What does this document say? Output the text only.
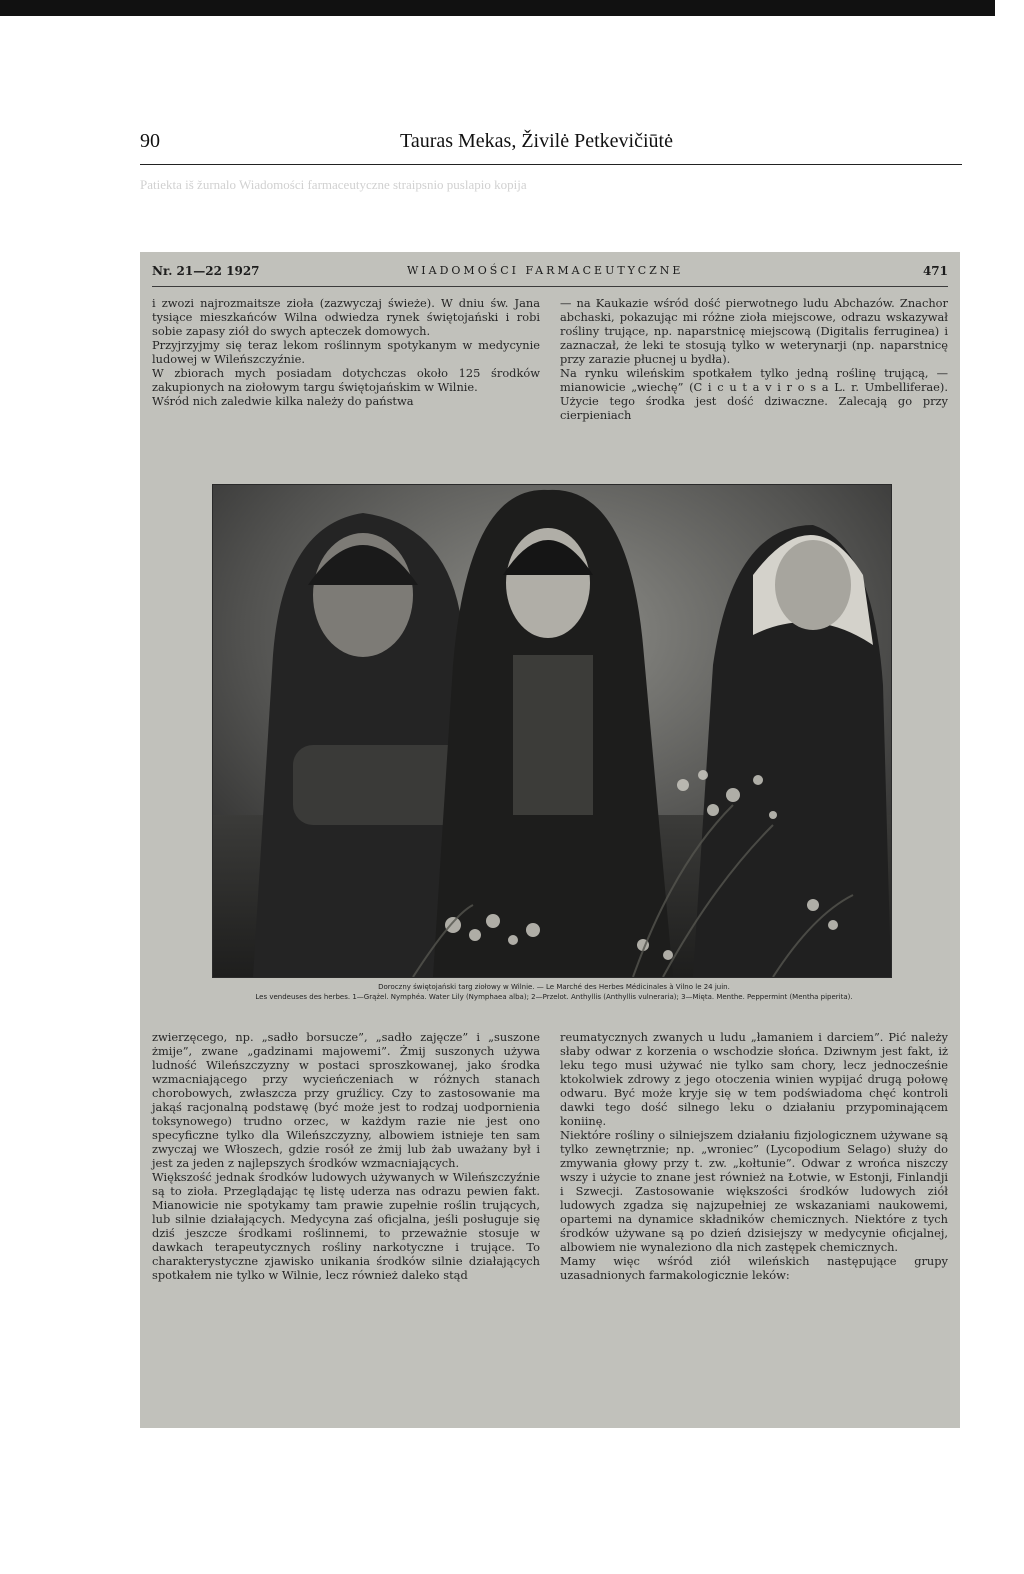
90	Tauras Mekas, Živilė Petkevičiūtė
Patiekta iš žurnalo Wiadomości farmaceutyczne straipsnio puslapio kopija
Nr. 21—22 1927	WIADOMOŚCI FARMACEUTYCZNE	471
i zwozi najrozmaitsze zioła (zazwyczaj świeże). W dniu św. Jana tysiące mieszkańców Wilna odwiedza rynek świętojański i robi sobie zapasy ziół do swych apteczek domowych.
Przyjrzyjmy się teraz lekom roślinnym spotykanym w medycynie ludowej w Wileńszczyźnie.
W zbiorach mych posiadam dotychczas około 125 środków zakupionych na ziołowym targu świętojańskim w Wilnie.
Wśród nich zaledwie kilka należy do państwa
— na Kaukazie wśród dość pierwotnego ludu Abchazów. Znachor abchaski, pokazując mi różne zioła miejscowe, odrazu wskazywał rośliny trujące, np. naparstnicę miejscową (Digitalis ferruginea) i zaznaczał, że leki te stosują tylko w weterynarji (np. naparstnicę przy zarazie płucnej u bydła).
Na rynku wileńskim spotkałem tylko jedną roślinę trującą, — mianowicie „wiechę” (C i c u t a v i r o s a L. r. Umbelliferae). Użycie tego środka jest dość dziwaczne. Zalecają go przy cierpieniach
Doroczny świętojański targ ziołowy w Wilnie. — Le Marché des Herbes Médicinales à Vilno le 24 juin.
Les vendeuses des herbes. 1—Grążel. Nymphéa. Water Lily (Nymphaea alba); 2—Przelot. Anthyllis (Anthyllis vulneraria); 3—Mięta. Menthe. Peppermint (Mentha piperita).
zwierzęcego, np. „sadło borsucze”, „sadło zajęcze” i „suszone żmije”, zwane „gadzinami majowemi”. Żmij suszonych używa ludność Wileńszczyzny w postaci sproszkowanej, jako środka wzmacniającego przy wycieńczeniach w różnych stanach chorobowych, zwłaszcza przy gruźlicy. Czy to zastosowanie ma jakąś racjonalną podstawę (być może jest to rodzaj uodpornienia toksynowego) trudno orzec, w każdym razie nie jest ono specyficzne tylko dla Wileńszczyzny, albowiem istnieje ten sam zwyczaj we Włoszech, gdzie rosół ze żmij lub żab uważany był i jest za jeden z najlepszych środków wzmacniających.
Większość jednak środków ludowych używanych w Wileńszczyźnie są to zioła. Przeglądając tę listę uderza nas odrazu pewien fakt. Mianowicie nie spotykamy tam prawie zupełnie roślin trujących, lub silnie działających. Medycyna zaś oficjalna, jeśli posługuje się dziś jeszcze środkami roślinnemi, to przeważnie stosuje w dawkach terapeutycznych rośliny narkotyczne i trujące. To charakterystyczne zjawisko unikania środków silnie działających spotkałem nie tylko w Wilnie, lecz również daleko stąd
reumatycznych zwanych u ludu „łamaniem i darciem”. Pić należy słaby odwar z korzenia o wschodzie słońca. Dziwnym jest fakt, iż leku tego musi używać nie tylko sam chory, lecz jednocześnie ktokolwiek zdrowy z jego otoczenia winien wypijać drugą połowę odwaru. Być może kryje się w tem podświadoma chęć kontroli dawki tego dość silnego leku o działaniu przypominającem koniinę.
Niektóre rośliny o silniejszem działaniu fizjologicznem używane są tylko zewnętrznie; np. „wroniec” (Lycopodium Selago) służy do zmywania głowy przy t. zw. „kołtunie”. Odwar z wrońca niszczy wszy i użycie to znane jest również na Łotwie, w Estonji, Finlandji i Szwecji. Zastosowanie większości środków ludowych ziół ludowych zgadza się najzupełniej ze wskazaniami naukowemi, opartemi na dynamice składników chemicznych. Niektóre z tych środków używane są po dzień dzisiejszy w medycynie oficjalnej, albowiem nie wynaleziono dla nich zastępek chemicznych.
Mamy więc wśród ziół wileńskich następujące grupy uzasadnionych farmakologicznie leków:
